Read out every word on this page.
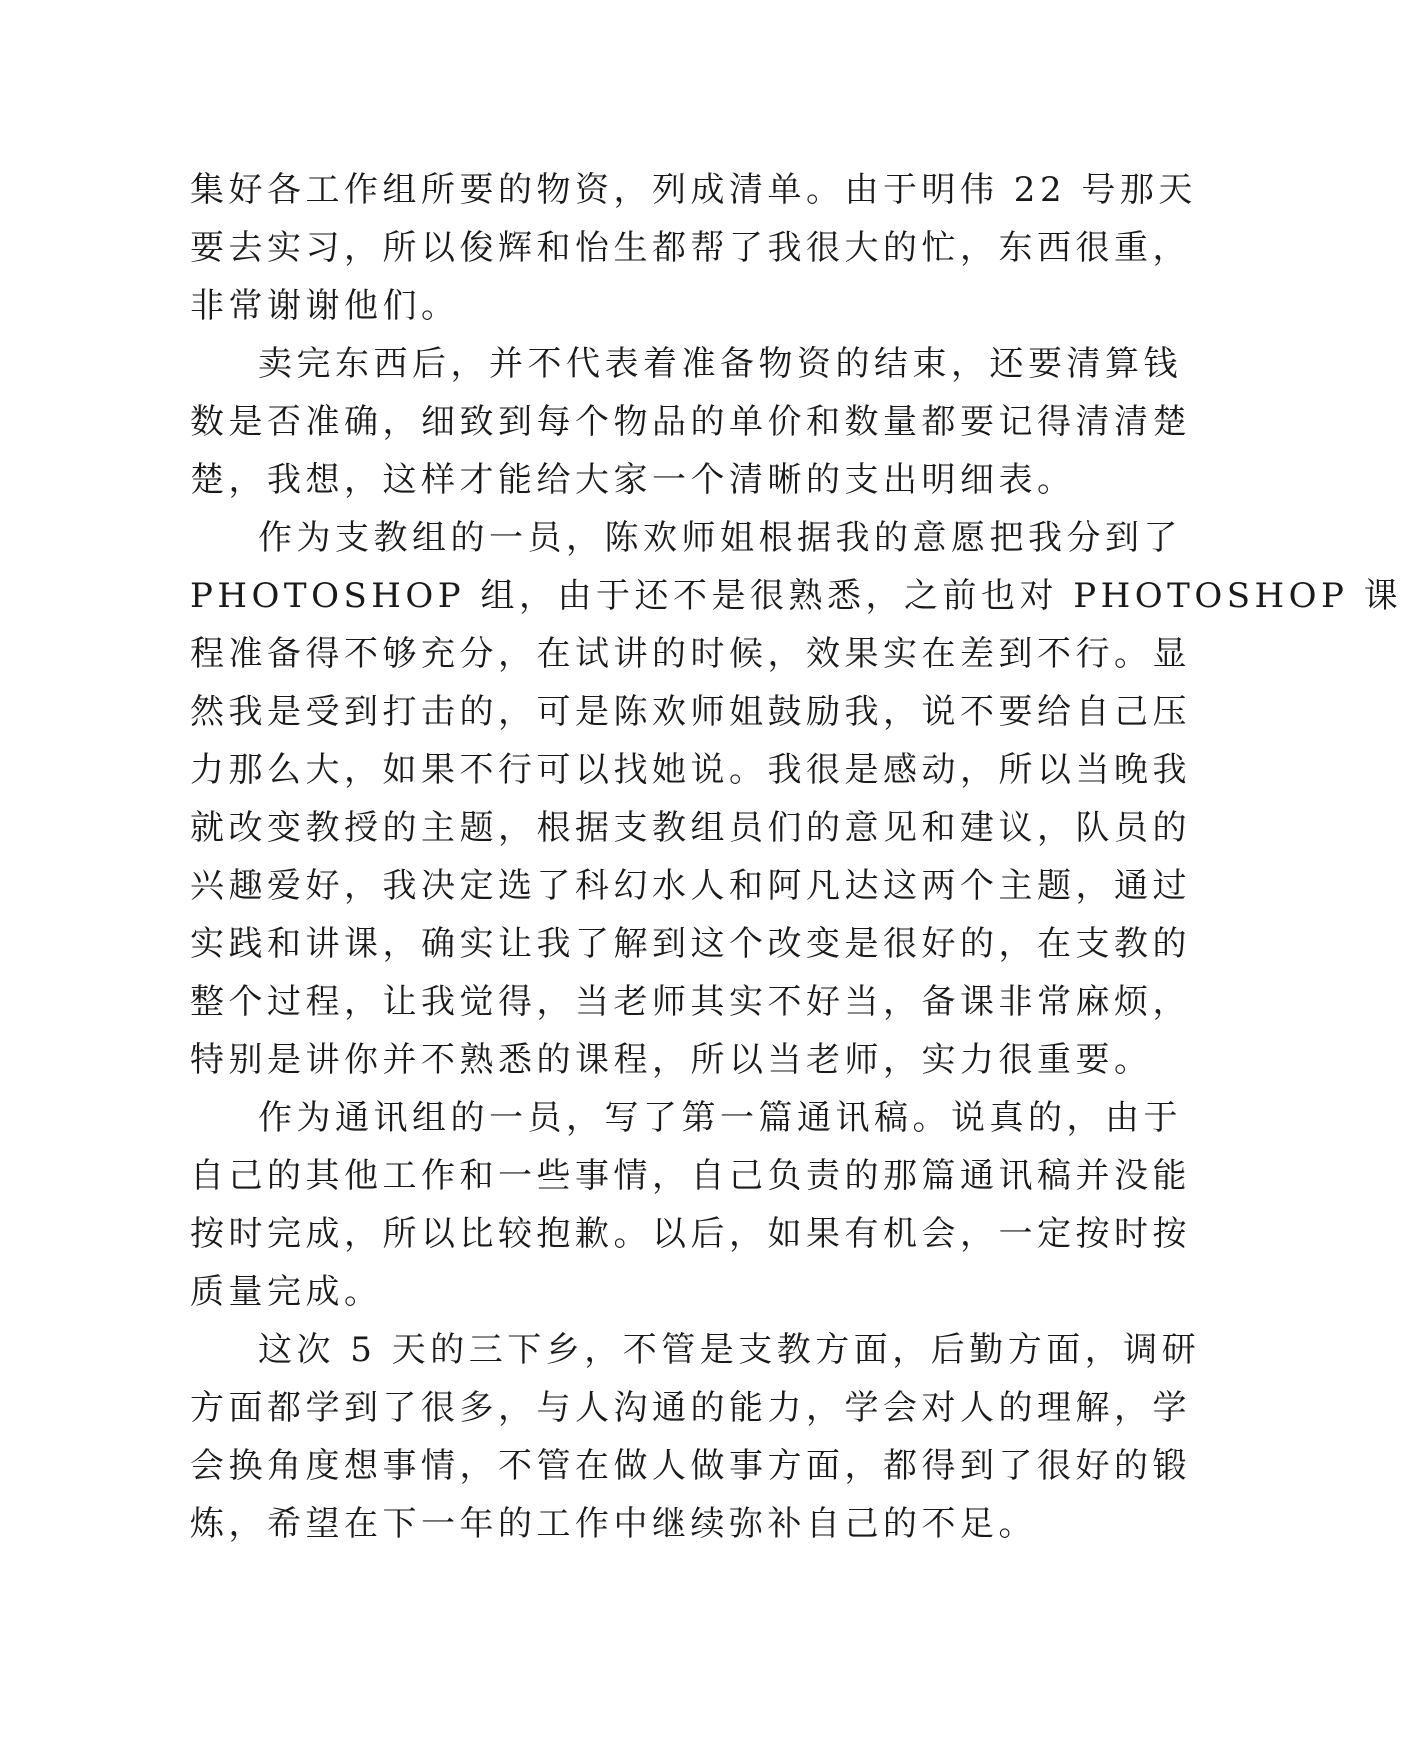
集好各工作组所要的物资，列成清单。由于明伟 22 号那天
要去实习，所以俊辉和怡生都帮了我很大的忙，东西很重，
非常谢谢他们。
卖完东西后，并不代表着准备物资的结束，还要清算钱
数是否准确，细致到每个物品的单价和数量都要记得清清楚
楚，我想，这样才能给大家一个清晰的支出明细表。
作为支教组的一员，陈欢师姐根据我的意愿把我分到了
PHOTOSHOP 组，由于还不是很熟悉，之前也对 PHOTOSHOP 课
程准备得不够充分，在试讲的时候，效果实在差到不行。显
然我是受到打击的，可是陈欢师姐鼓励我，说不要给自己压
力那么大，如果不行可以找她说。我很是感动，所以当晚我
就改变教授的主题，根据支教组员们的意见和建议，队员的
兴趣爱好，我决定选了科幻水人和阿凡达这两个主题，通过
实践和讲课，确实让我了解到这个改变是很好的，在支教的
整个过程，让我觉得，当老师其实不好当，备课非常麻烦，
特别是讲你并不熟悉的课程，所以当老师，实力很重要。
作为通讯组的一员，写了第一篇通讯稿。说真的，由于
自己的其他工作和一些事情，自己负责的那篇通讯稿并没能
按时完成，所以比较抱歉。以后，如果有机会，一定按时按
质量完成。
这次 5 天的三下乡，不管是支教方面，后勤方面，调研
方面都学到了很多，与人沟通的能力，学会对人的理解，学
会换角度想事情，不管在做人做事方面，都得到了很好的锻
炼，希望在下一年的工作中继续弥补自己的不足。
